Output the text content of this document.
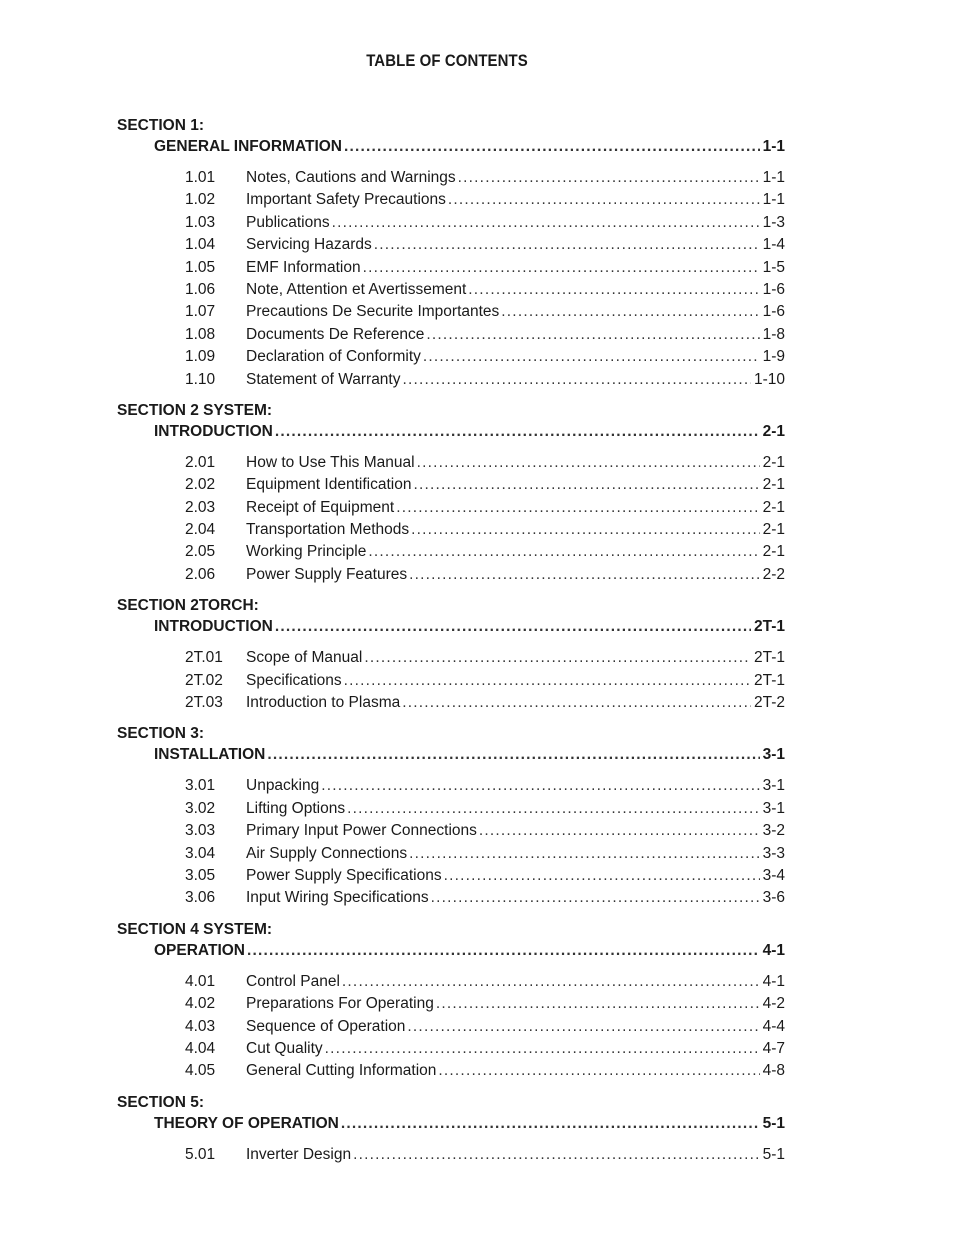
TABLE OF CONTENTS
SECTION 1:
GENERAL INFORMATION .....	1-1
1.01	Notes, Cautions and Warnings .....	1-1
1.02	Important Safety Precautions .....	1-1
1.03	Publications .....	1-3
1.04	Servicing Hazards .....	1-4
1.05	EMF Information .....	1-5
1.06	Note, Attention et Avertissement .....	1-6
1.07	Precautions De Securite Importantes .....	1-6
1.08	Documents De Reference .....	1-8
1.09	Declaration of Conformity .....	1-9
1.10	Statement of Warranty .....	1-10
SECTION 2 SYSTEM:
INTRODUCTION .....	2-1
2.01	How to Use This Manual .....	2-1
2.02	Equipment Identification .....	2-1
2.03	Receipt of Equipment .....	2-1
2.04	Transportation Methods .....	2-1
2.05	Working Principle .....	2-1
2.06	Power Supply Features .....	2-2
SECTION 2TORCH:
INTRODUCTION .....	2T-1
2T.01	Scope of Manual .....	2T-1
2T.02	Specifications .....	2T-1
2T.03	Introduction to Plasma .....	2T-2
SECTION 3:
INSTALLATION .....	3-1
3.01	Unpacking .....	3-1
3.02	Lifting Options .....	3-1
3.03	Primary Input Power Connections .....	3-2
3.04	Air Supply Connections .....	3-3
3.05	Power Supply Specifications .....	3-4
3.06	Input Wiring Specifications .....	3-6
SECTION 4 SYSTEM:
OPERATION .....	4-1
4.01	Control Panel .....	4-1
4.02	Preparations For Operating .....	4-2
4.03	Sequence of Operation .....	4-4
4.04	Cut Quality .....	4-7
4.05	General Cutting Information .....	4-8
SECTION 5:
THEORY OF OPERATION .....	5-1
5.01	Inverter Design .....	5-1
